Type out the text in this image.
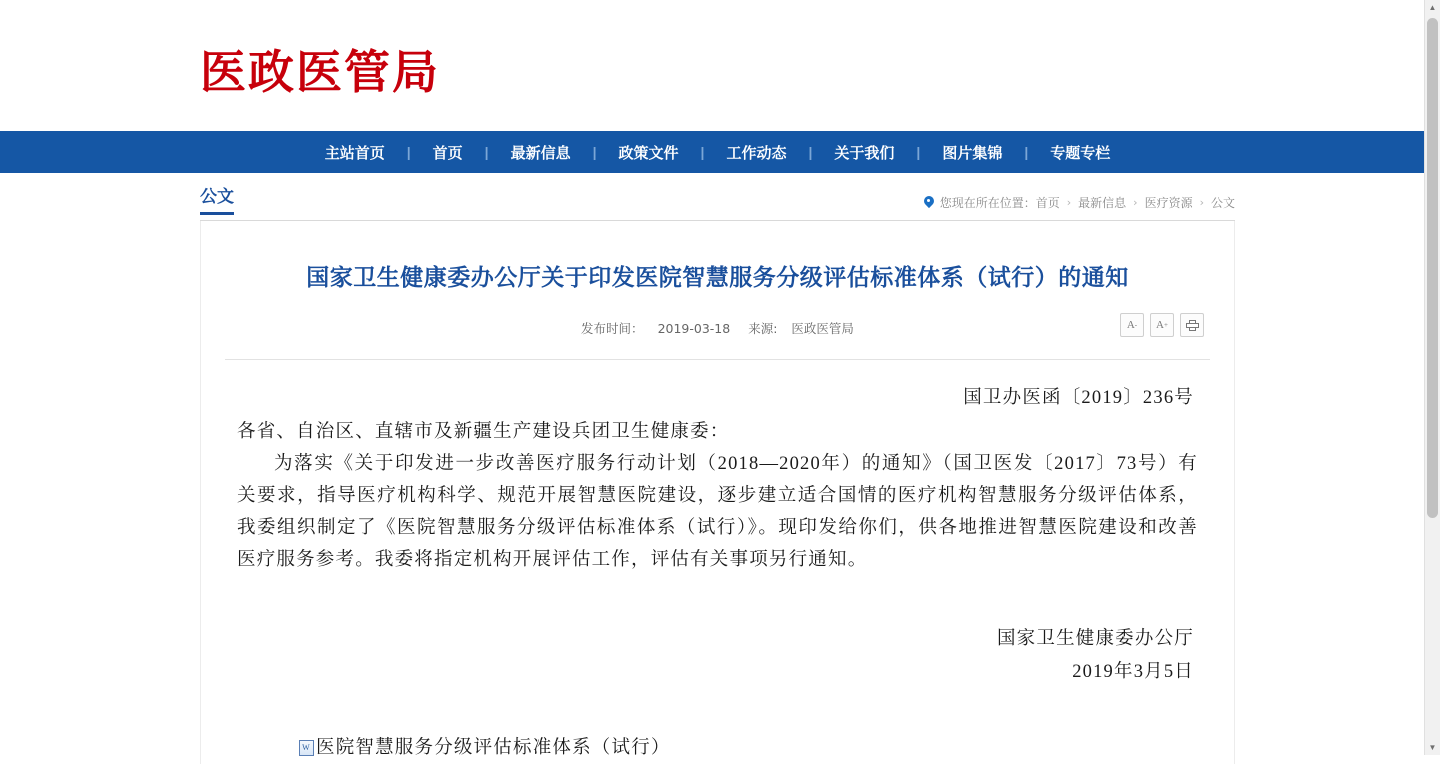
医政医管局
主站首页	|	首页	|	最新信息	|	政策文件	|	工作动态	|	关于我们	|	图片集锦	|	专题专栏
公文	您现在所在位置： 首页 › 最新信息 › 医疗资源 › 公文
国家卫生健康委办公厅关于印发医院智慧服务分级评估标准体系（试行）的通知
发布时间： 2019-03-18 来源: 医政医管局	A - A +
国卫办医函〔2019〕236号
各省、自治区、直辖市及新疆生产建设兵团卫生健康委：
为落实《关于印发进一步改善医疗服务行动计划（2018—2020年）的通知》（国卫医发〔2017〕73号）有关要求，指导医疗机构科学、规范开展智慧医院建设，逐步建立适合国情的医疗机构智慧服务分级评估体系，我委组织制定了《医院智慧服务分级评估标准体系（试行）》。现印发给你们，供各地推进智慧医院建设和改善医疗服务参考。我委将指定机构开展评估工作，评估有关事项另行通知。
国家卫生健康委办公厅
2019年3月5日
W 医院智慧服务分级评估标准体系（试行）
▲
▼
